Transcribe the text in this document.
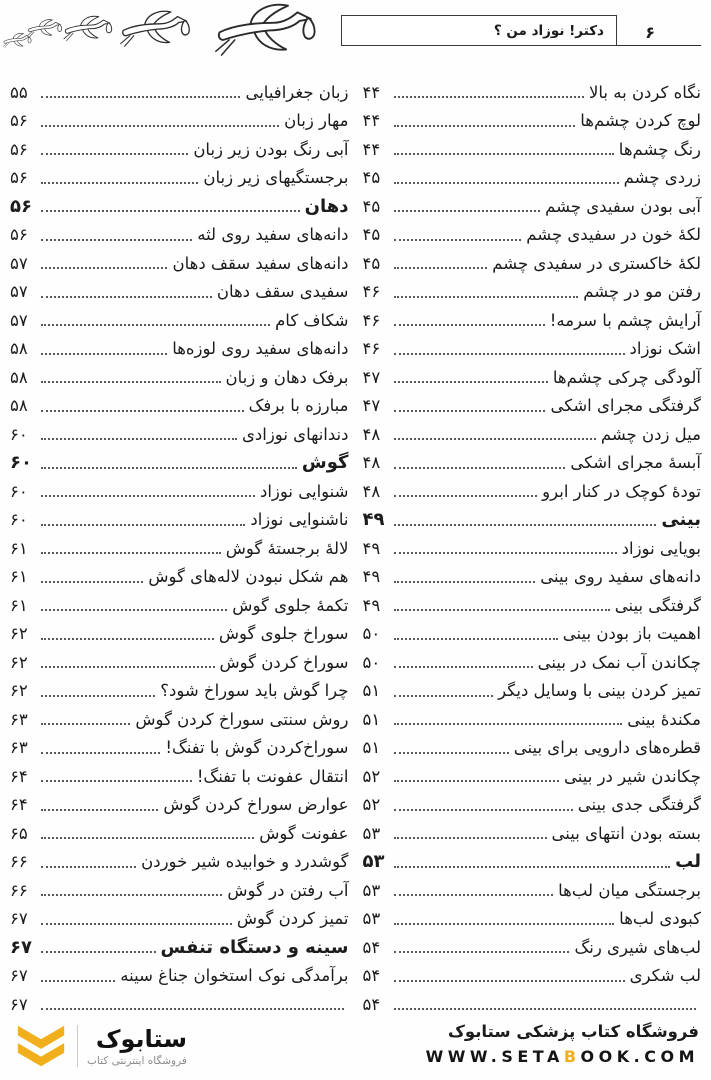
دکتر! نوزاد من ؟	۶
نگاه کردن به بالا
۴۴
لوچ کردن چشم‌ها
۴۴
رنگ چشم‌ها
۴۴
زردی چشم
۴۵
آبی بودن سفیدی چشم
۴۵
لکهٔ خون در سفیدی چشم
۴۵
لکهٔ خاکستری در سفیدی چشم
۴۵
رفتن مو در چشم
۴۶
آرایش چشم با سرمه!
۴۶
اشک نوزاد
۴۶
آلودگی چرکی چشم‌ها
۴۷
گرفتگی مجرای اشکی
۴۷
میل زدن چشم
۴۸
آبسهٔ مجرای اشکی
۴۸
تودهٔ کوچک در کنار ابرو
۴۸
بینی
۴۹
بویایی نوزاد
۴۹
دانه‌های سفید روی بینی
۴۹
گرفتگی بینی
۴۹
اهمیت باز بودن بینی
۵۰
چکاندن آب نمک در بینی
۵۰
تمیز کردن بینی با وسایل دیگر
۵۱
مکندهٔ بینی
۵۱
قطره‌های دارویی برای بینی
۵۱
چکاندن شیر در بینی
۵۲
گرفتگی جدی بینی
۵۲
بسته بودن انتهای بینی
۵۳
لب
۵۳
برجستگی میان لب‌ها
۵۳
کبودی لب‌ها
۵۳
لب‌های شیری رنگ
۵۴
لب شکری
۵۴
۵۴
زبان جغرافیایی
۵۵
مهار زبان
۵۶
آبی رنگ بودن زیر زبان
۵۶
برجستگیهای زیر زبان
۵۶
دهان
۵۶
دانه‌های سفید روی لثه
۵۶
دانه‌های سفید سقف دهان
۵۷
سفیدی سقف دهان
۵۷
شکاف کام
۵۷
دانه‌های سفید روی لوزه‌ها
۵۸
برفک دهان و زبان
۵۸
مبارزه با برفک
۵۸
دندانهای نوزادی
۶۰
گوش
۶۰
شنوایی نوزاد
۶۰
ناشنوایی نوزاد
۶۰
لالهٔ برجستهٔ گوش
۶۱
هم شکل نبودن لاله‌های گوش
۶۱
تکمهٔ جلوی گوش
۶۱
سوراخ جلوی گوش
۶۲
سوراخ کردن گوش
۶۲
چرا گوش باید سوراخ شود؟
۶۲
روش سنتی سوراخ کردن گوش
۶۳
سوراخ‌کردن گوش با تفنگ!
۶۳
انتقال عفونت با تفنگ!
۶۴
عوارض سوراخ کردن گوش
۶۴
عفونت گوش
۶۵
گوشدرد و خوابیده شیر خوردن
۶۶
آب رفتن در گوش
۶۶
تمیز کردن گوش
۶۷
سینه و دستگاه تنفس
۶۷
برآمدگی نوک استخوان جناغ سینه
۶۷
۶۷
فروشگاه کتاب پزشکی ستابوک
WWW.SETABOOK.COM
ستابوک
فروشگاه اینترنتی کتاب
